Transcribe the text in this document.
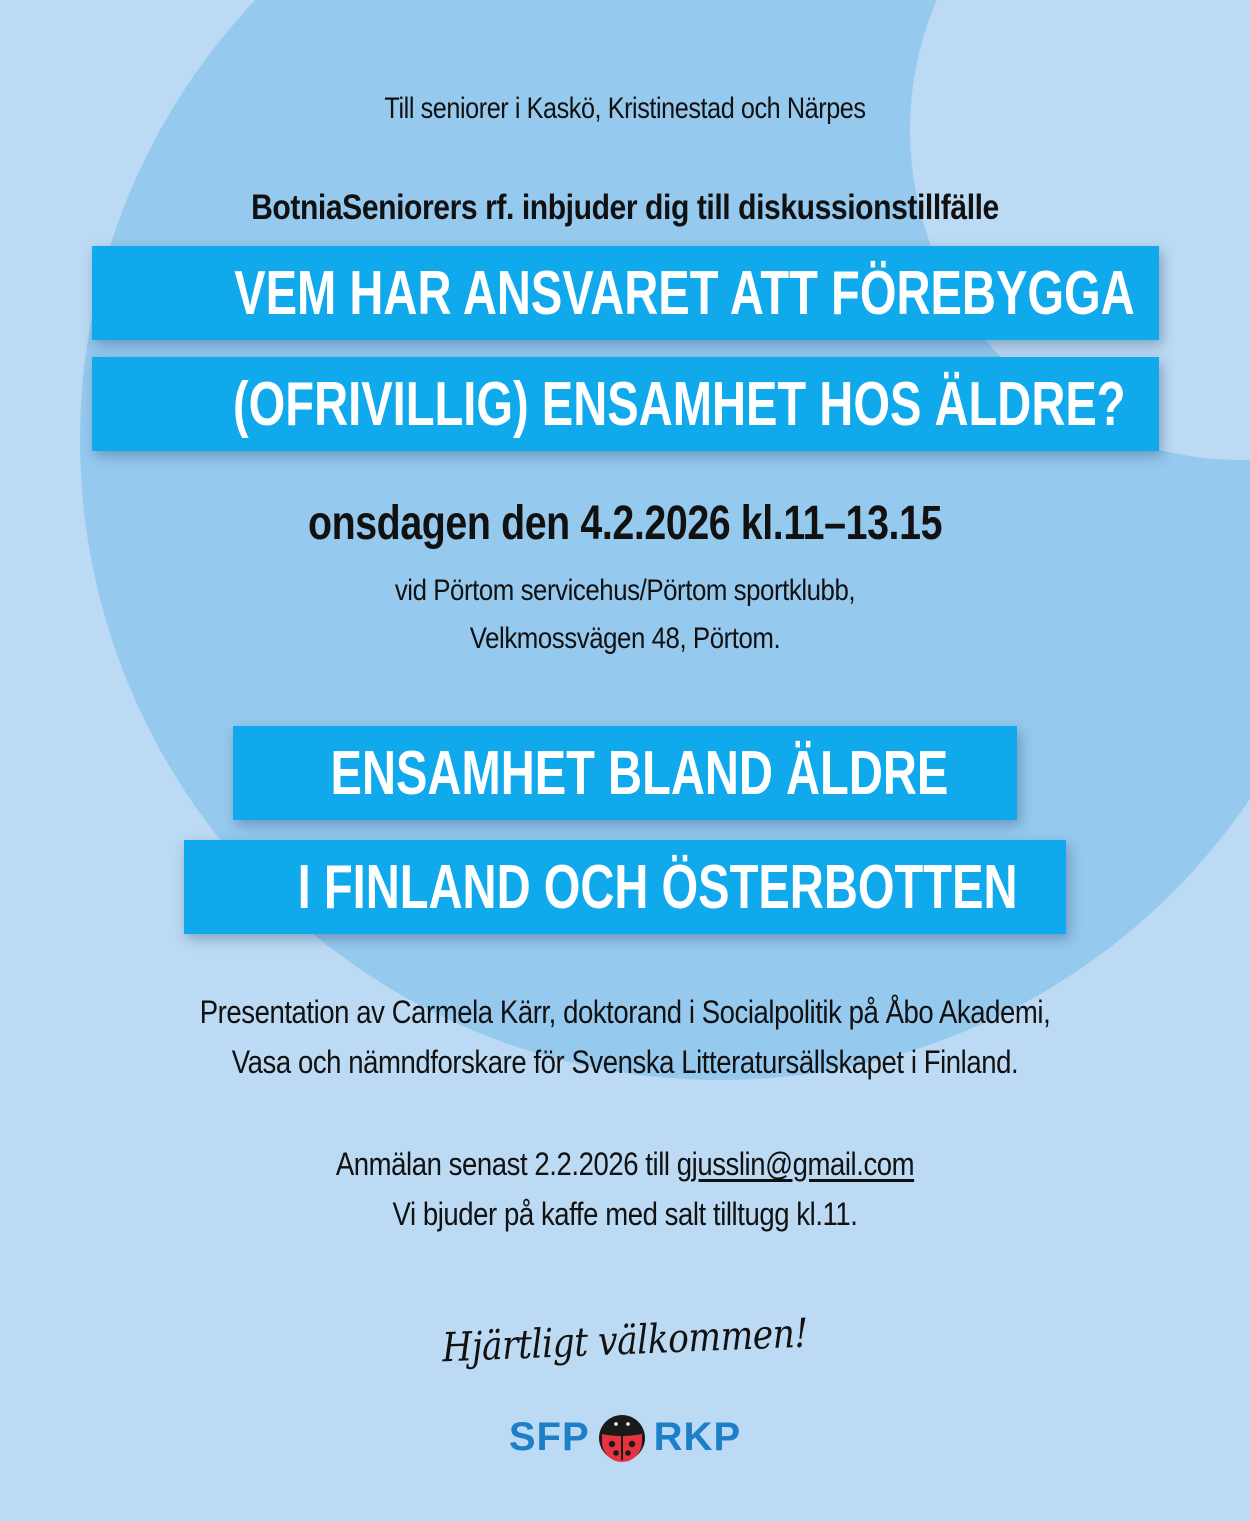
Till seniorer i Kaskö, Kristinestad och Närpes
BotniaSeniorers rf. inbjuder dig till diskussionstillfälle
VEM HAR ANSVARET ATT FÖREBYGGA
(OFRIVILLIG) ENSAMHET HOS ÄLDRE?
onsdagen den 4.2.2026 kl.11–13.15
vid Pörtom servicehus/Pörtom sportklubb,
Velkmossvägen 48, Pörtom.
ENSAMHET BLAND ÄLDRE
I FINLAND OCH ÖSTERBOTTEN
Presentation av Carmela Kärr, doktorand i Socialpolitik på Åbo Akademi,
Vasa och nämndforskare för Svenska Litteratursällskapet i Finland.
Anmälan senast 2.2.2026 till gjusslin@gmail.com
Vi bjuder på kaffe med salt tilltugg kl.11.
Hjärtligt välkommen!
SFP RKP
